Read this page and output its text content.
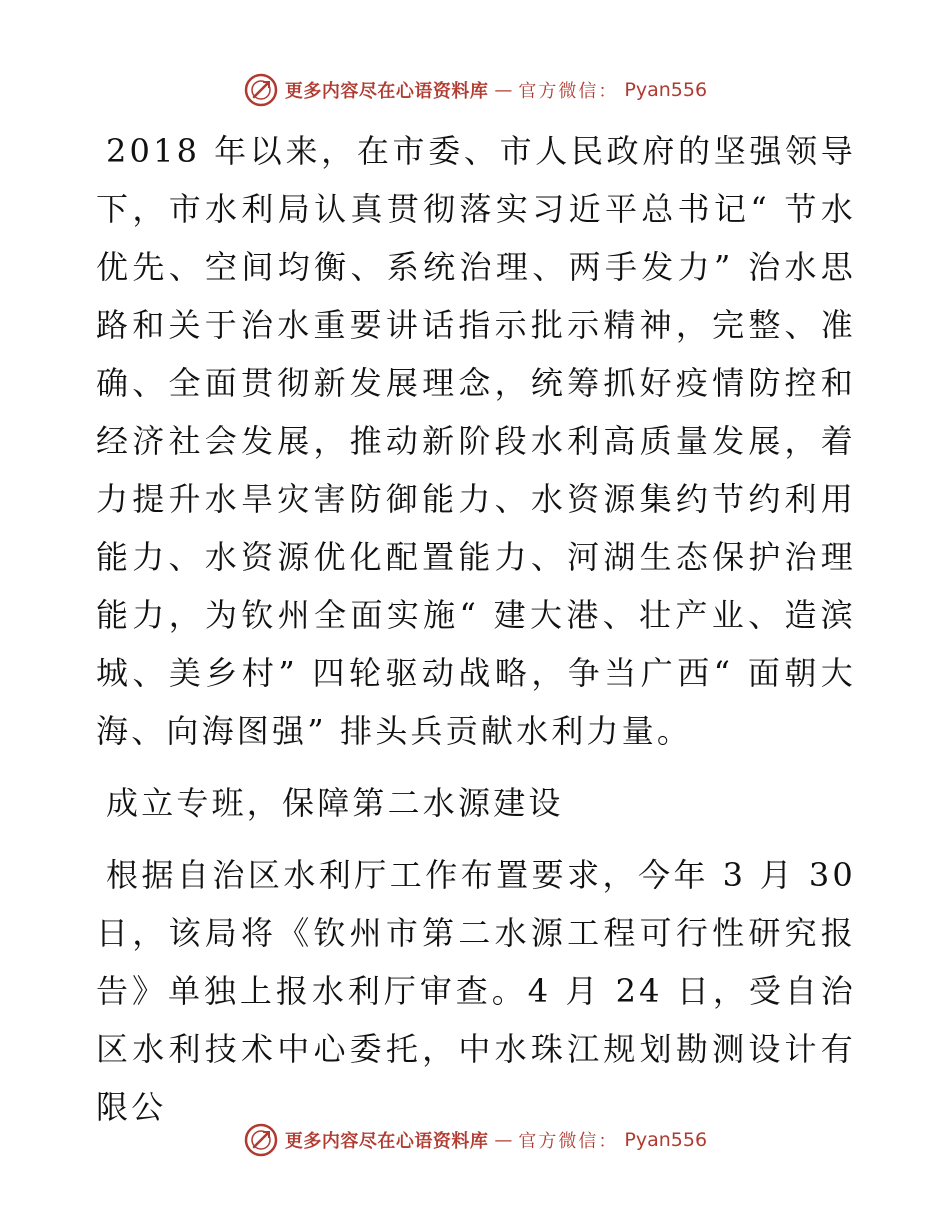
更多内容尽在心语资料库 — 官方微信： Pyan556

2018 年以来，在市委、市人民政府的坚强领导下，市水利局认真贯彻落实习近平总书记“ 节水优先、空间均衡、系统治理、两手发力” 治水思路和关于治水重要讲话指示批示精神，完整、准确、全面贯彻新发展理念，统筹抓好疫情防控和经济社会发展，推动新阶段水利高质量发展，着力提升水旱灾害防御能力、水资源集约节约利用能力、水资源优化配置能力、河湖生态保护治理能力，为钦州全面实施“ 建大港、壮产业、造滨城、美乡村” 四轮驱动战略，争当广西“ 面朝大海、向海图强” 排头兵贡献水利力量。

成立专班，保障第二水源建设

根据自治区水利厅工作布置要求，今年 3 月 30 日，该局将《钦州市第二水源工程可行性研究报告》单独上报水利厅审查。4 月 24 日，受自治区水利技术中心委托，中水珠江规划勘测设计有限公

更多内容尽在心语资料库 — 官方微信： Pyan556
